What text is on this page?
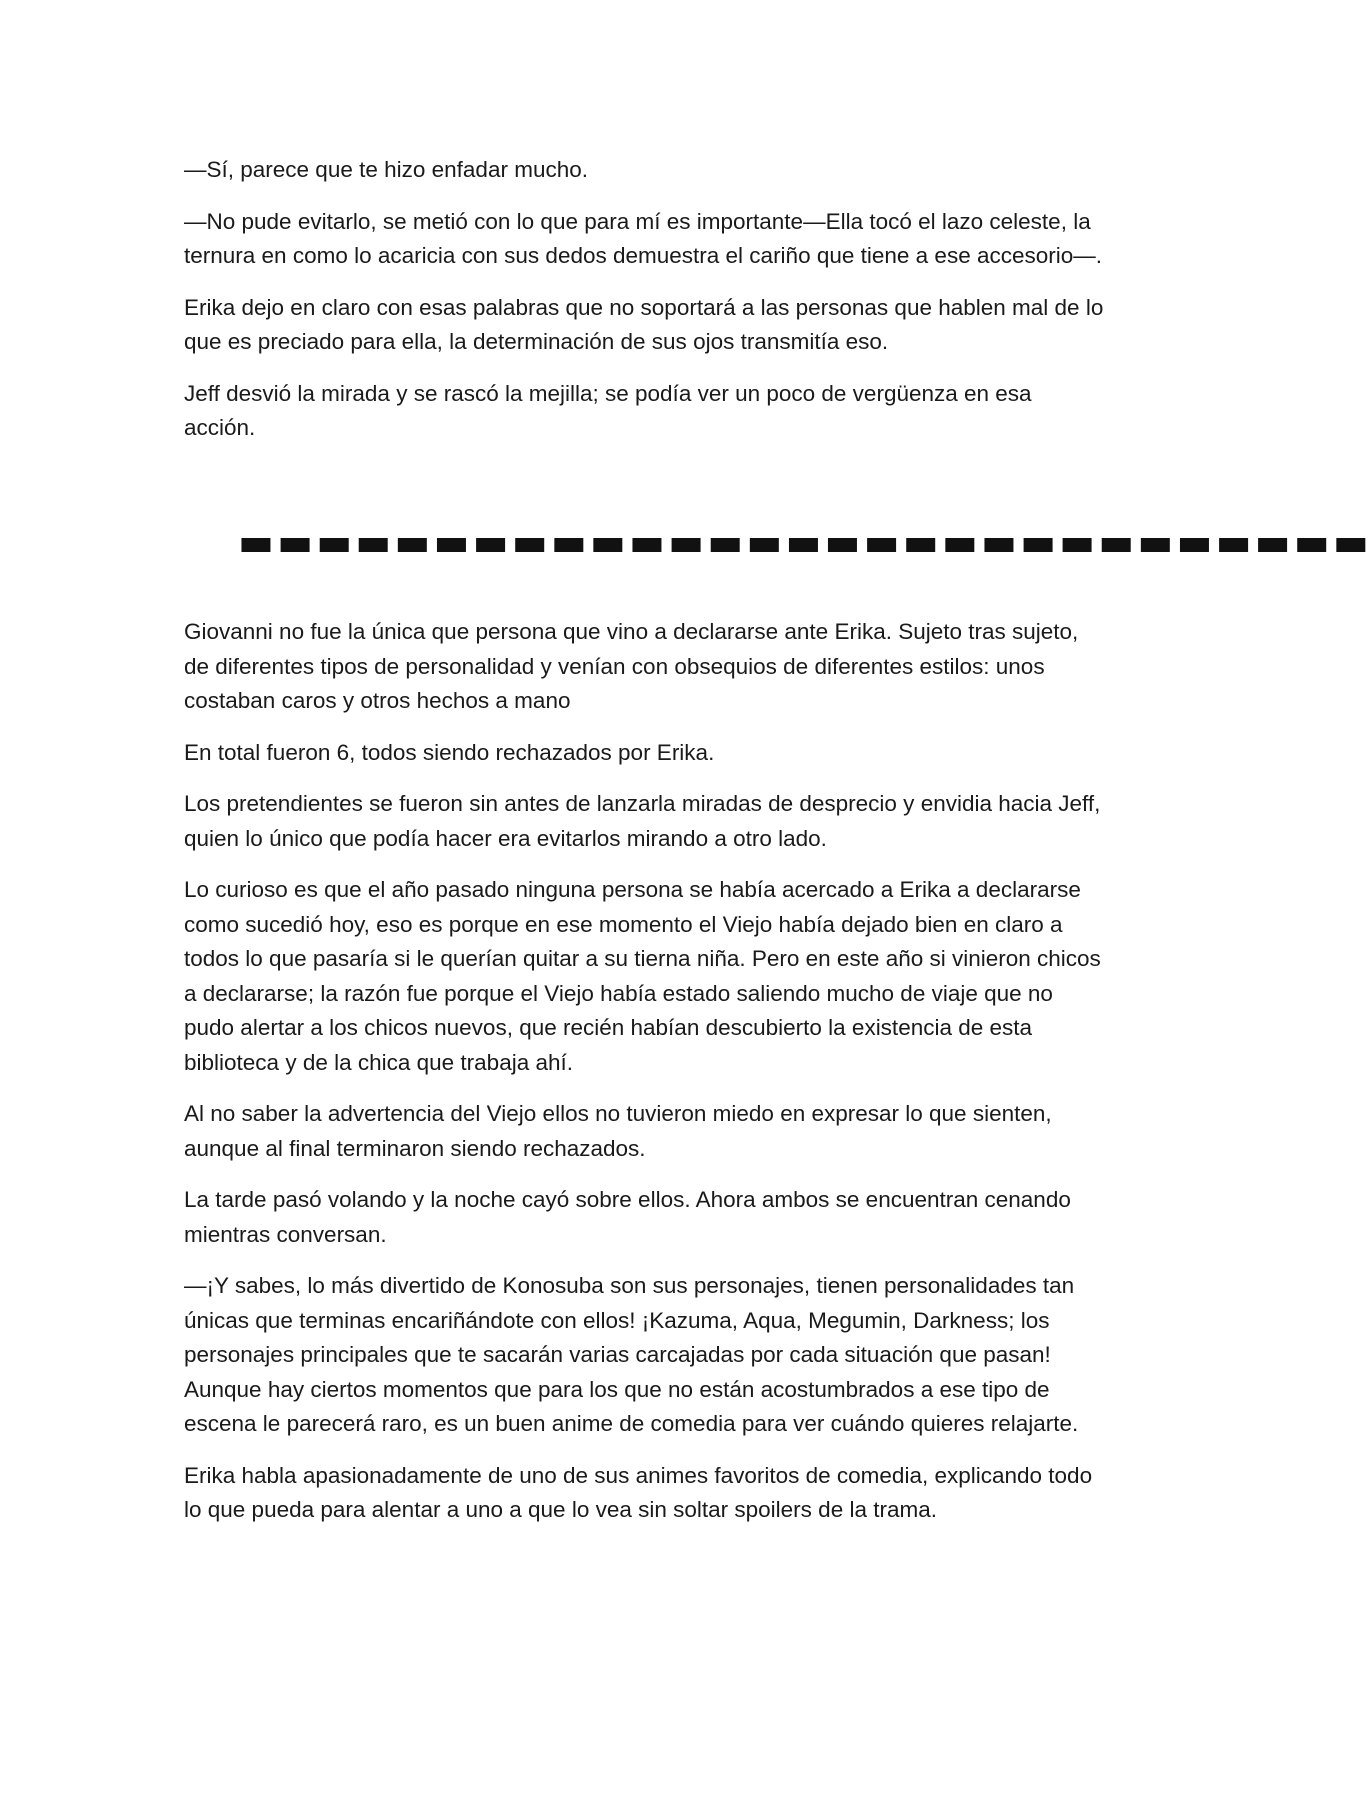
—Sí, parece que te hizo enfadar mucho.

—No pude evitarlo, se metió con lo que para mí es importante—Ella tocó el lazo celeste, la ternura en como lo acaricia con sus dedos demuestra el cariño que tiene a ese accesorio—.

Erika dejo en claro con esas palabras que no soportará a las personas que hablen mal de lo que es preciado para ella, la determinación de sus ojos transmitía eso.

Jeff desvió la mirada y se rascó la mejilla; se podía ver un poco de vergüenza en esa acción.

▬▬▬▬▬▬▬▬▬▬▬▬▬▬▬▬▬▬▬▬▬▬▬▬▬▬▬▬▬

Giovanni no fue la única que persona que vino a declararse ante Erika. Sujeto tras sujeto, de diferentes tipos de personalidad y venían con obsequios de diferentes estilos: unos costaban caros y otros hechos a mano

En total fueron 6, todos siendo rechazados por Erika.

Los pretendientes se fueron sin antes de lanzarla miradas de desprecio y envidia hacia Jeff, quien lo único que podía hacer era evitarlos mirando a otro lado.

Lo curioso es que el año pasado ninguna persona se había acercado a Erika a declararse como sucedió hoy, eso es porque en ese momento el Viejo había dejado bien en claro a todos lo que pasaría si le querían quitar a su tierna niña. Pero en este año si vinieron chicos a declararse; la razón fue porque el Viejo había estado saliendo mucho de viaje que no pudo alertar a los chicos nuevos, que recién habían descubierto la existencia de esta biblioteca y de la chica que trabaja ahí.

Al no saber la advertencia del Viejo ellos no tuvieron miedo en expresar lo que sienten, aunque al final terminaron siendo rechazados.

La tarde pasó volando y la noche cayó sobre ellos. Ahora ambos se encuentran cenando mientras conversan.

—¡Y sabes, lo más divertido de Konosuba son sus personajes, tienen personalidades tan únicas que terminas encariñándote con ellos! ¡Kazuma, Aqua, Megumin, Darkness; los personajes principales que te sacarán varias carcajadas por cada situación que pasan! Aunque hay ciertos momentos que para los que no están acostumbrados a ese tipo de escena le parecerá raro, es un buen anime de comedia para ver cuándo quieres relajarte.

Erika habla apasionadamente de uno de sus animes favoritos de comedia, explicando todo lo que pueda para alentar a uno a que lo vea sin soltar spoilers de la trama.
